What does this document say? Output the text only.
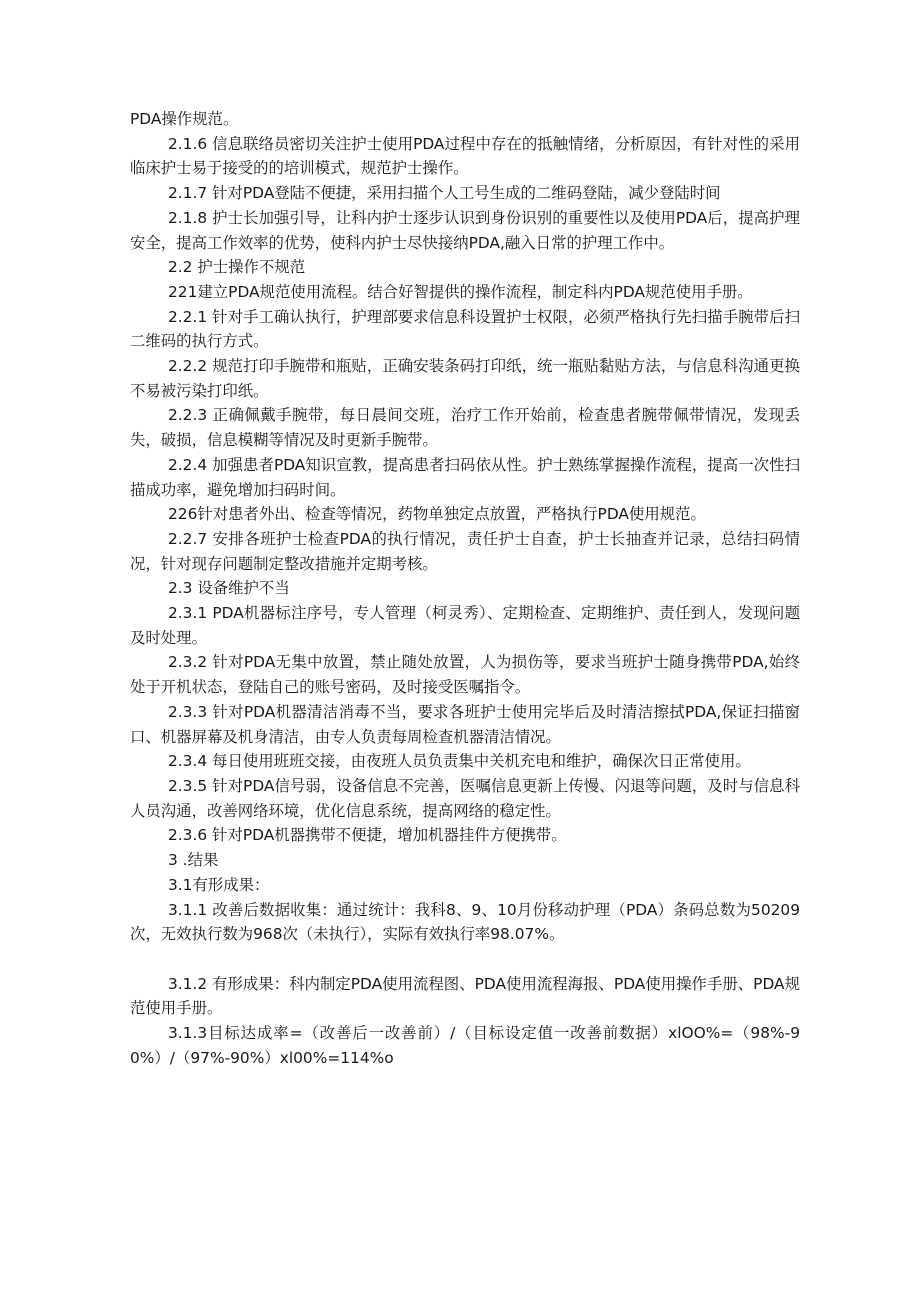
PDA操作规范。

2.1.6 信息联络员密切关注护士使用PDA过程中存在的抵触情绪，分析原因，有针对性的采用临床护士易于接受的的培训模式，规范护士操作。

2.1.7 针对PDA登陆不便捷，采用扫描个人工号生成的二维码登陆，减少登陆时间

2.1.8 护士长加强引导，让科内护士逐步认识到身份识别的重要性以及使用PDA后，提高护理安全，提高工作效率的优势，使科内护士尽快接纳PDA,融入日常的护理工作中。

2.2 护士操作不规范

221建立PDA规范使用流程。结合好智提供的操作流程，制定科内PDA规范使用手册。

2.2.1 针对手工确认执行，护理部要求信息科设置护士权限，必须严格执行先扫描手腕带后扫二维码的执行方式。

2.2.2 规范打印手腕带和瓶贴，正确安装条码打印纸，统一瓶贴黏贴方法，与信息科沟通更换不易被污染打印纸。

2.2.3 正确佩戴手腕带，每日晨间交班，治疗工作开始前，检查患者腕带佩带情况，发现丢失，破损，信息模糊等情况及时更新手腕带。

2.2.4 加强患者PDA知识宣教，提高患者扫码依从性。护士熟练掌握操作流程，提高一次性扫描成功率，避免增加扫码时间。

226针对患者外出、检查等情况，药物单独定点放置，严格执行PDA使用规范。

2.2.7 安排各班护士检查PDA的执行情况，责任护士自查，护士长抽查并记录，总结扫码情况，针对现存问题制定整改措施并定期考核。

2.3 设备维护不当

2.3.1 PDA机器标注序号，专人管理（柯灵秀）、定期检查、定期维护、责任到人，发现问题及时处理。

2.3.2 针对PDA无集中放置，禁止随处放置，人为损伤等，要求当班护士随身携带PDA,始终处于开机状态，登陆自己的账号密码，及时接受医嘱指令。

2.3.3 针对PDA机器清洁消毒不当，要求各班护士使用完毕后及时清洁擦拭PDA,保证扫描窗口、机器屏幕及机身清洁，由专人负责每周检查机器清洁情况。

2.3.4 每日使用班班交接，由夜班人员负责集中关机充电和维护，确保次日正常使用。

2.3.5 针对PDA信号弱，设备信息不完善，医嘱信息更新上传慢、闪退等问题，及时与信息科人员沟通，改善网络环境，优化信息系统，提高网络的稳定性。

2.3.6 针对PDA机器携带不便捷，增加机器挂件方便携带。

3 .结果

3.1有形成果：

3.1.1 改善后数据收集：通过统计：我科8、9、10月份移动护理（PDA）条码总数为50209次，无效执行数为968次（未执行），实际有效执行率98.07%。

3.1.2 有形成果：科内制定PDA使用流程图、PDA使用流程海报、PDA使用操作手册、PDA规范使用手册。

3.1.3目标达成率=（改善后一改善前）/（目标设定值一改善前数据）xlOO%=（98%-90%）/（97%-90%）xl00%=114%o
